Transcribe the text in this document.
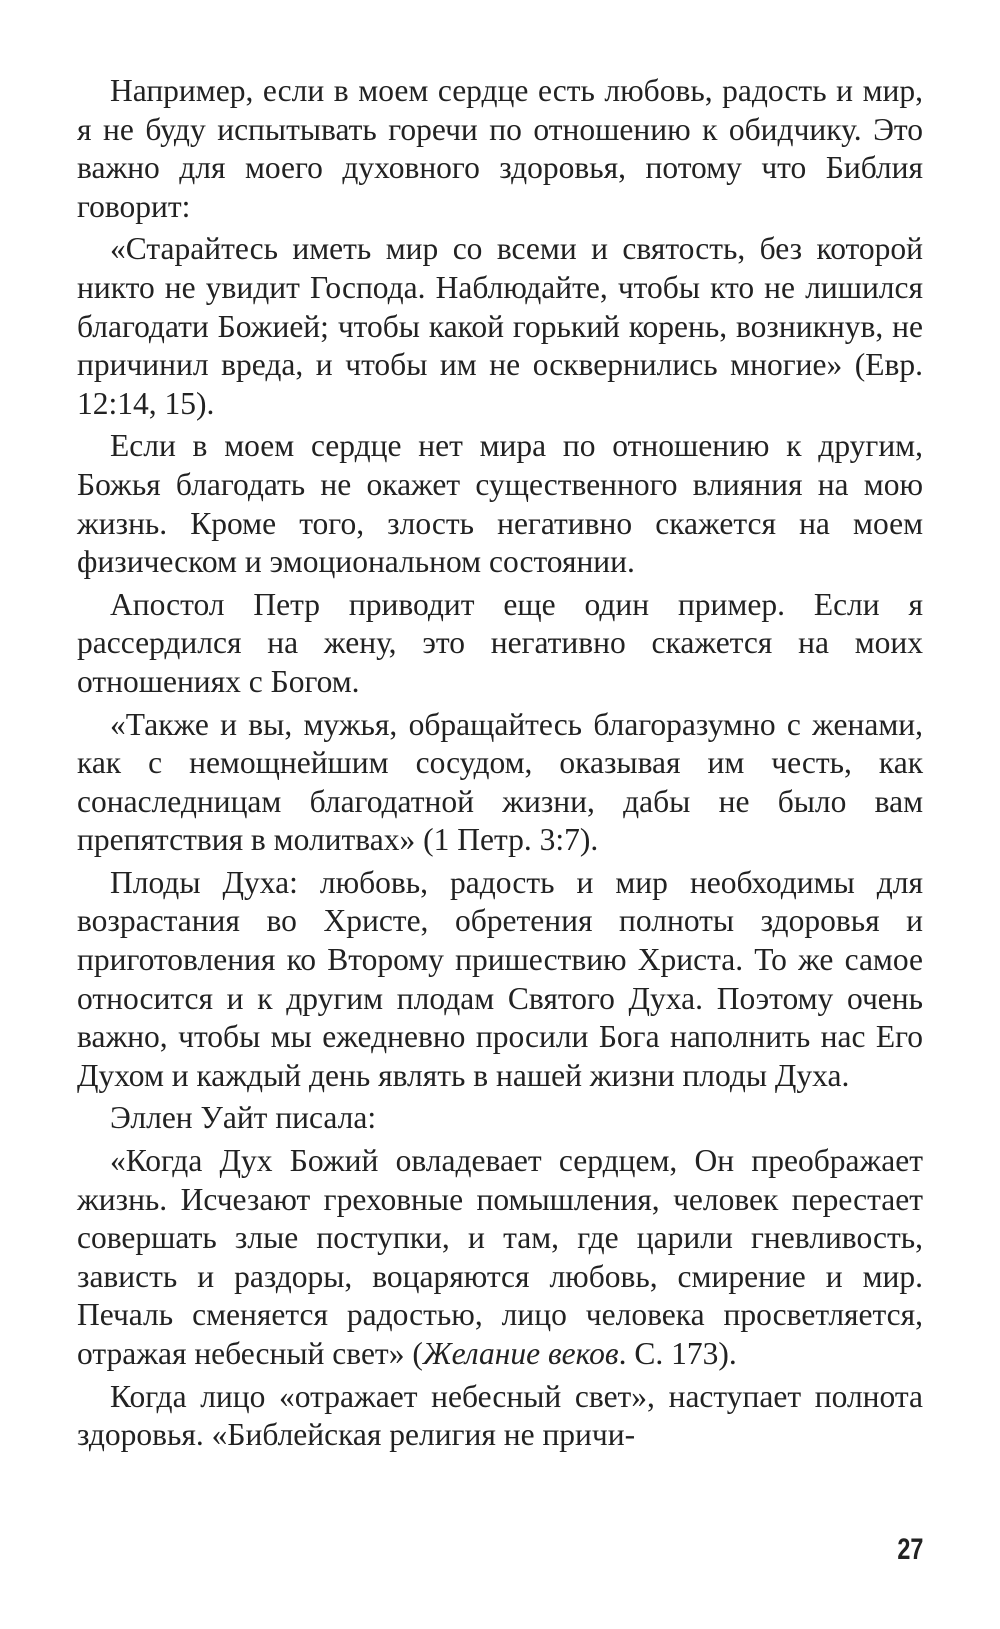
Например, если в моем сердце есть любовь, радость и мир, я не буду испытывать горечи по отношению к обидчику. Это важно для моего духовного здоровья, потому что Библия говорит:

«Старайтесь иметь мир со всеми и святость, без которой никто не увидит Господа. Наблюдайте, чтобы кто не лишился благодати Божией; чтобы какой горький корень, возникнув, не причинил вреда, и чтобы им не осквернились многие» (Евр. 12:14, 15).

Если в моем сердце нет мира по отношению к другим, Божья благодать не окажет существенного влияния на мою жизнь. Кроме того, злость негативно скажется на моем физическом и эмоциональном состоянии.

Апостол Петр приводит еще один пример. Если я рассердился на жену, это негативно скажется на моих отношениях с Богом.

«Также и вы, мужья, обращайтесь благоразумно с женами, как с немощнейшим сосудом, оказывая им честь, как сонаследницам благодатной жизни, дабы не было вам препятствия в молитвах» (1 Петр. 3:7).

Плоды Духа: любовь, радость и мир необходимы для возрастания во Христе, обретения полноты здоровья и приготовления ко Второму пришествию Христа. То же самое относится и к другим плодам Святого Духа. Поэтому очень важно, чтобы мы ежедневно просили Бога наполнить нас Его Духом и каждый день являть в нашей жизни плоды Духа.

Эллен Уайт писала:

«Когда Дух Божий овладевает сердцем, Он преображает жизнь. Исчезают греховные помышления, человек перестает совершать злые поступки, и там, где царили гневливость, зависть и раздоры, воцаряются любовь, смирение и мир. Печаль сменяется радостью, лицо человека просветляется, отражая небесный свет» (Желание веков. С. 173).

Когда лицо «отражает небесный свет», наступает полнота здоровья. «Библейская религия не причи-

27
